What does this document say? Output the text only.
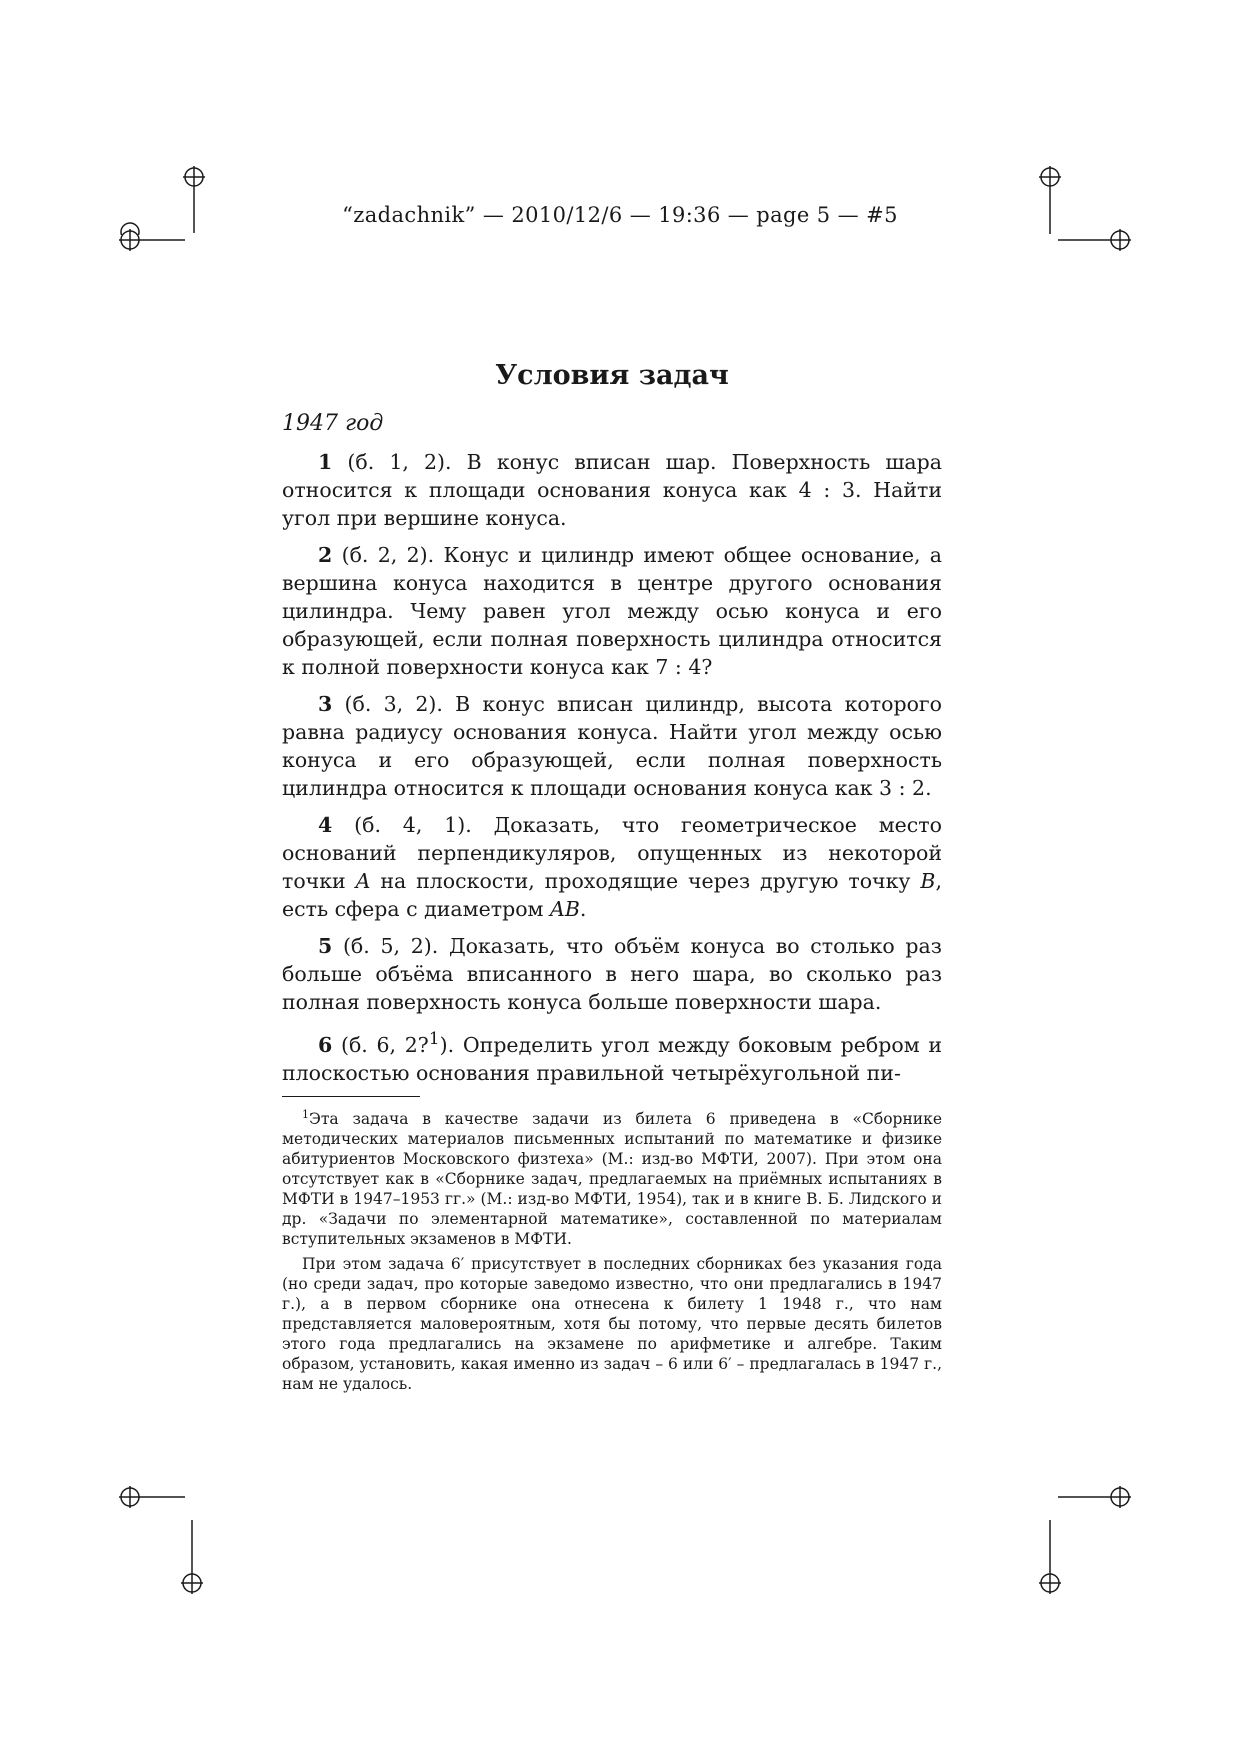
“zadachnik” — 2010/12/6 — 19:36 — page 5 — #5
Условия задач
1947 год

1 (б. 1, 2). В конус вписан шар. Поверхность шара относится к площади основания конуса как 4 : 3. Найти угол при вершине конуса.

2 (б. 2, 2). Конус и цилиндр имеют общее основание, а вершина конуса находится в центре другого основания цилиндра. Чему равен угол между осью конуса и его образующей, если полная поверхность цилиндра относится к полной поверхности конуса как 7 : 4?

3 (б. 3, 2). В конус вписан цилиндр, высота которого равна радиусу основания конуса. Найти угол между осью конуса и его образующей, если полная поверхность цилиндра относится к площади основания конуса как 3 : 2.

4 (б. 4, 1). Доказать, что геометрическое место оснований перпендикуляров, опущенных из некоторой точки A на плоскости, проходящие через другую точку B, есть сфера с диаметром AB.

5 (б. 5, 2). Доказать, что объём конуса во столько раз больше объёма вписанного в него шара, во сколько раз полная поверхность конуса больше поверхности шара.

6 (б. 6, 2?$^1$). Определить угол между боковым ребром и плоскостью основания правильной четырёхугольной пи-

$^1$Эта задача в качестве задачи из билета 6 приведена в «Сборнике методических материалов письменных испытаний по математике и физике абитуриентов Московского физтеха» (М.: изд-во МФТИ, 2007). При этом она отсутствует как в «Сборнике задач, предлагаемых на приёмных испытаниях в МФТИ в 1947–1953 гг.» (М.: изд-во МФТИ, 1954), так и в книге В. Б. Лидского и др. «Задачи по элементарной математике», составленной по материалам вступительных экзаменов в МФТИ.

При этом задача 6′ присутствует в последних сборниках без указания года (но среди задач, про которые заведомо известно, что они предлагались в 1947 г.), а в первом сборнике она отнесена к билету 1 1948 г., что нам представляется маловероятным, хотя бы потому, что первые десять билетов этого года предлагались на экзамене по арифметике и алгебре. Таким образом, установить, какая именно из задач – 6 или 6′ – предлагалась в 1947 г., нам не удалось.
